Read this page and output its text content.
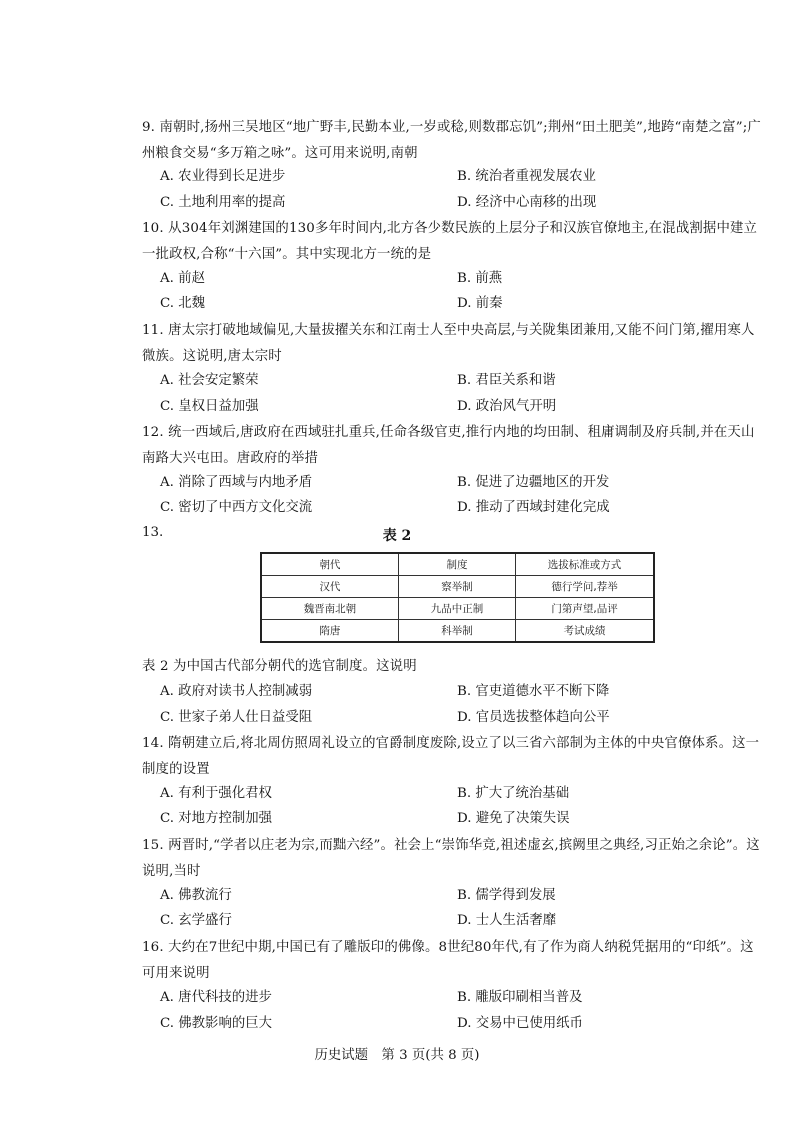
9. 南朝时,扬州三吴地区“地广野丰,民勤本业,一岁或稔,则数郡忘饥”;荆州“田土肥美”,地跨“南楚之富”;广州粮食交易“多万箱之咏”。这可用来说明,南朝
A. 农业得到长足进步	B. 统治者重视发展农业
C. 土地利用率的提高	D. 经济中心南移的出现
10. 从304年刘渊建国的130多年时间内,北方各少数民族的上层分子和汉族官僚地主,在混战割据中建立一批政权,合称“十六国”。其中实现北方一统的是
A. 前赵	B. 前燕
C. 北魏	D. 前秦
11. 唐太宗打破地域偏见,大量拔擢关东和江南士人至中央高层,与关陇集团兼用,又能不问门第,擢用寒人微族。这说明,唐太宗时
A. 社会安定繁荣	B. 君臣关系和谐
C. 皇权日益加强	D. 政治风气开明
12. 统一西域后,唐政府在西域驻扎重兵,任命各级官吏,推行内地的均田制、租庸调制及府兵制,并在天山南路大兴屯田。唐政府的举措
A. 消除了西域与内地矛盾	B. 促进了边疆地区的开发
C. 密切了中西方文化交流	D. 推动了西域封建化完成
13.	表 2
朝代	制度	选拔标准或方式
汉代	察举制	德行学问,荐举
魏晋南北朝	九品中正制	门第声望,品评
隋唐	科举制	考试成绩
表 2 为中国古代部分朝代的选官制度。这说明
A. 政府对读书人控制减弱	B. 官吏道德水平不断下降
C. 世家子弟人仕日益受阻	D. 官员选拔整体趋向公平
14. 隋朝建立后,将北周仿照周礼设立的官爵制度废除,设立了以三省六部制为主体的中央官僚体系。这一制度的设置
A. 有利于强化君权	B. 扩大了统治基础
C. 对地方控制加强	D. 避免了决策失误
15. 两晋时,“学者以庄老为宗,而黜六经”。社会上“崇饰华竞,祖述虚玄,摈阙里之典经,习正始之余论”。这说明,当时
A. 佛教流行	B. 儒学得到发展
C. 玄学盛行	D. 士人生活奢靡
16. 大约在7世纪中期,中国已有了雕版印的佛像。8世纪80年代,有了作为商人纳税凭据用的“印纸”。这可用来说明
A. 唐代科技的进步	B. 雕版印刷相当普及
C. 佛教影响的巨大	D. 交易中已使用纸币
历史试题　第 3 页(共 8 页)
